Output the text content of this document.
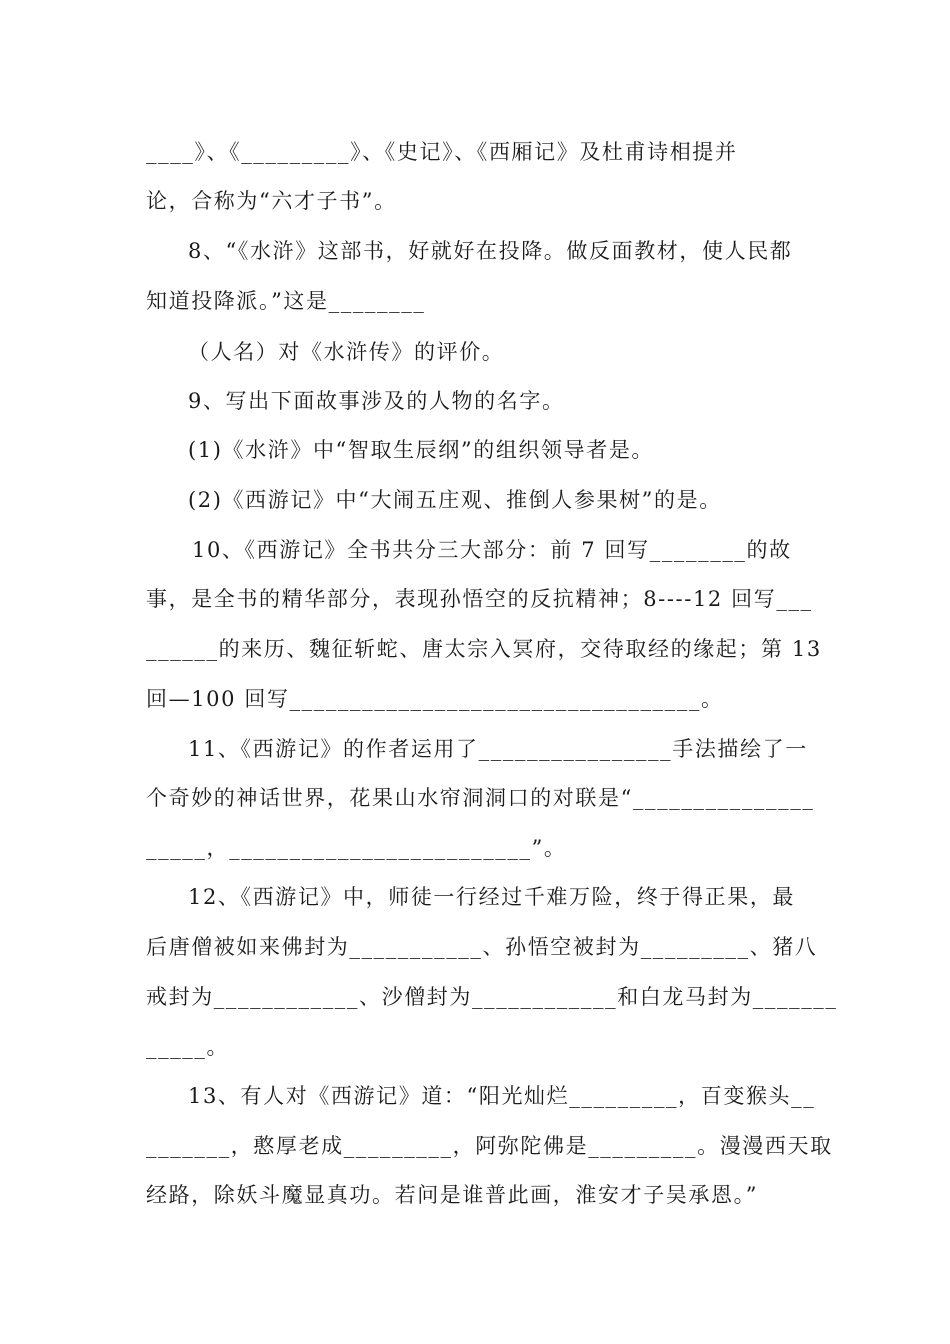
____》、《_________》、《史记》、《西厢记》及杜甫诗相提并
论，合称为“六才子书”。
8、“《水浒》这部书，好就好在投降。做反面教材，使人民都
知道投降派。”这是________
（人名）对《水浒传》的评价。
9、写出下面故事涉及的人物的名字。
(1)《水浒》中“智取生辰纲”的组织领导者是。
(2)《西游记》中“大闹五庄观、推倒人参果树”的是。
10、《西游记》全书共分三大部分：前 7 回写________的故
事，是全书的精华部分，表现孙悟空的反抗精神；8----12 回写___
______的来历、魏征斩蛇、唐太宗入冥府，交待取经的缘起；第 13
回—100 回写__________________________________。
11、《西游记》的作者运用了________________手法描绘了一
个奇妙的神话世界，花果山水帘洞洞口的对联是“_______________
_____，_________________________”。
12、《西游记》中，师徒一行经过千难万险，终于得正果，最
后唐僧被如来佛封为___________、孙悟空被封为_________、猪八
戒封为____________、沙僧封为____________和白龙马封为_______
_____。
13、有人对《西游记》道：“阳光灿烂_________，百变猴头__
_______，憨厚老成_________，阿弥陀佛是_________。漫漫西天取
经路，除妖斗魔显真功。若问是谁普此画，淮安才子吴承恩。”
